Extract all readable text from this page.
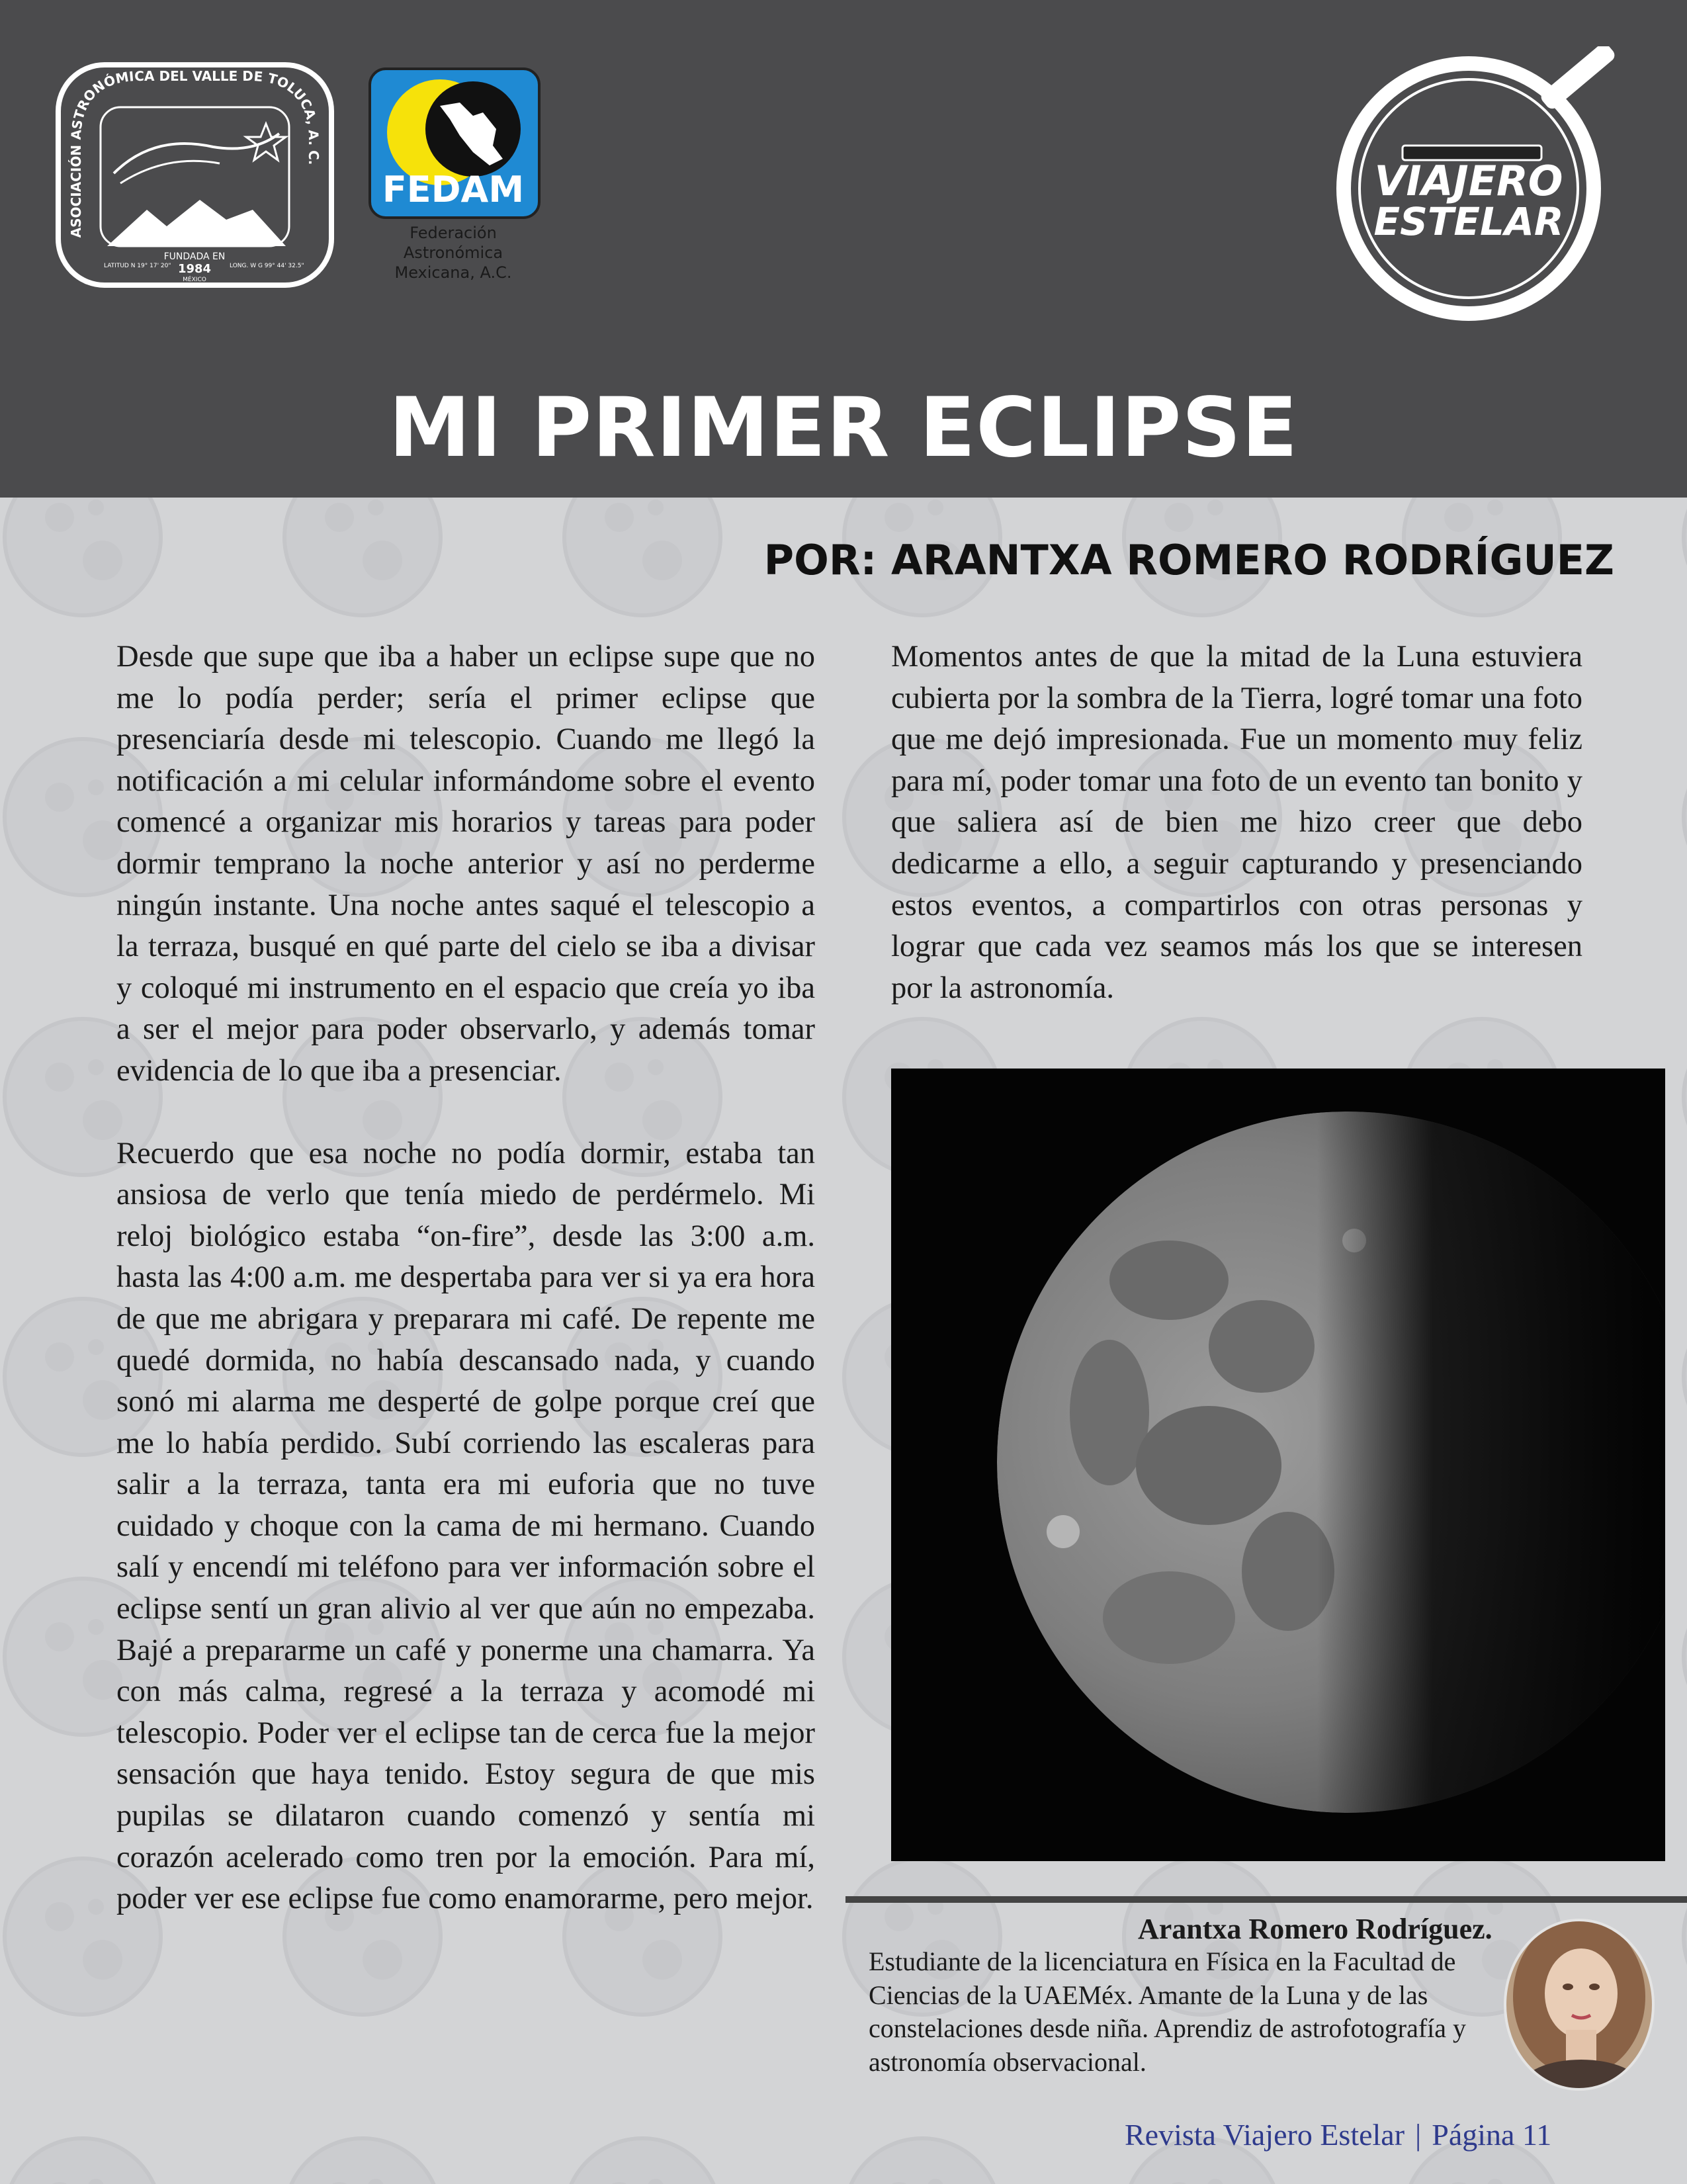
ASOCIACIÓN ASTRONÓMICA DEL VALLE DE TOLUCA, A. C.
FUNDADA EN
1984
LATITUD N 19° 17' 20"
MÉXICO
LONG. W G 99° 44' 32.5"
FEDAM
Federación
Astronómica
Mexicana, A.C.
VIAJERO
ESTELAR
MI PRIMER ECLIPSE
POR: ARANTXA ROMERO RODRÍGUEZ

Desde que supe que iba a haber un eclipse supe que no me lo podía perder; sería el primer eclipse que presenciaría desde mi telescopio. Cuando me llegó la notificación a mi celular informándome sobre el evento comencé a organizar mis horarios y tareas para poder dormir temprano la noche anterior y así no perderme ningún instante. Una noche antes saqué el telescopio a la terraza, busqué en qué parte del cielo se iba a divisar y coloqué mi instrumento en el espacio que creía yo iba a ser el mejor para poder observarlo, y además tomar evidencia de lo que iba a presenciar.

Recuerdo que esa noche no podía dormir, estaba tan ansiosa de verlo que tenía miedo de perdérmelo. Mi reloj biológico estaba “on-fire”, desde las 3:00 a.m. hasta las 4:00 a.m. me despertaba para ver si ya era hora de que me abrigara y preparara mi café. De repente me quedé dormida, no había descansado nada, y cuando sonó mi alarma me desperté de golpe porque creí que me lo había perdido. Subí corriendo las escaleras para salir a la terraza, tanta era mi euforia que no tuve cuidado y choque con la cama de mi hermano. Cuando salí y encendí mi teléfono para ver información sobre el eclipse sentí un gran alivio al ver que aún no empezaba. Bajé a prepararme un café y ponerme una chamarra. Ya con más calma, regresé a la terraza y acomodé mi telescopio. Poder ver el eclipse tan de cerca fue la mejor sensación que haya tenido. Estoy segura de que mis pupilas se dilataron cuando comenzó y sentía mi corazón acelerado como tren por la emoción. Para mí, poder ver ese eclipse fue como enamorarme, pero mejor.

Momentos antes de que la mitad de la Luna estuviera cubierta por la sombra de la Tierra, logré tomar una foto que me dejó impresionada. Fue un momento muy feliz para mí, poder tomar una foto de un evento tan bonito y que saliera así de bien me hizo creer que debo dedicarme a ello, a seguir capturando y presenciando estos eventos, a compartirlos con otras personas y lograr que cada vez seamos más los que se interesen por la astronomía.

Arantxa Romero Rodríguez.
Estudiante de la licenciatura en Física en la Facultad de Ciencias de la UAEMéx. Amante de la Luna y de las constelaciones desde niña. Aprendiz de astrofotografía y astronomía observacional.
Revista Viajero Estelar | Página 11
